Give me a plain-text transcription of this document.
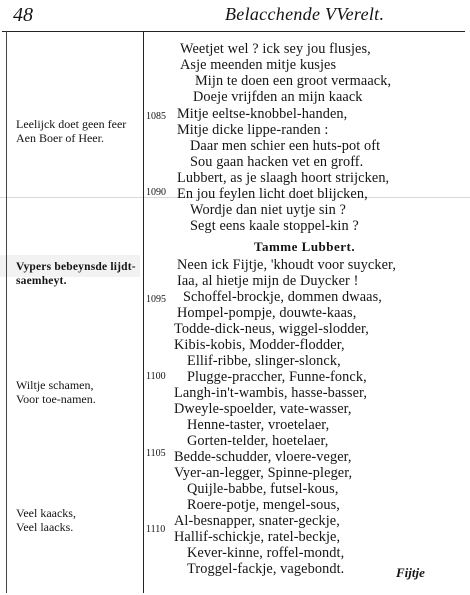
48	Belacchende VVerelt.
Leelijck doet geen feer
Aen Boer of Heer.
Vypers bebeynsde lijdt-
saemheyt.
Wiltje schamen,
Voor toe-namen.
Veel kaacks,
Veel laacks.
1085
1090
1095
1100
1105
1110
Weetjet wel ? ick sey jou flusjes,
Asje meenden mitje kusjes
Mijn te doen een groot vermaack,
Doeje vrijfden an mijn kaack
Mitje eeltse-knobbel-handen,
Mitje dicke lippe-randen :
Daar men schier een huts-pot oft
Sou gaan hacken vet en groff.
Lubbert, as je slaagh hoort strijcken,
En jou feylen licht doet blijcken,
Wordje dan niet uytje sin ?
Segt eens kaale stoppel-kin ?
Tamme Lubbert.
Neen ick Fijtje, 'khoudt voor suycker,
Iaa, al hietje mijn de Duycker !
Schoffel-brockje, dommen dwaas,
Hompel-pompje, douwte-kaas,
Todde-dick-neus, wiggel-slodder,
Kibis-kobis, Modder-flodder,
Ellif-ribbe, slinger-slonck,
Plugge-praccher, Funne-fonck,
Langh-in't-wambis, hasse-basser,
Dweyle-spoelder, vate-wasser,
Henne-taster, vroetelaer,
Gorten-telder, hoetelaer,
Bedde-schudder, vloere-veger,
Vyer-an-legger, Spinne-pleger,
Quijle-babbe, futsel-kous,
Roere-potje, mengel-sous,
Al-besnapper, snater-geckje,
Hallif-schickje, ratel-beckje,
Kever-kinne, roffel-mondt,
Troggel-fackje, vagebondt.	Fijtje
